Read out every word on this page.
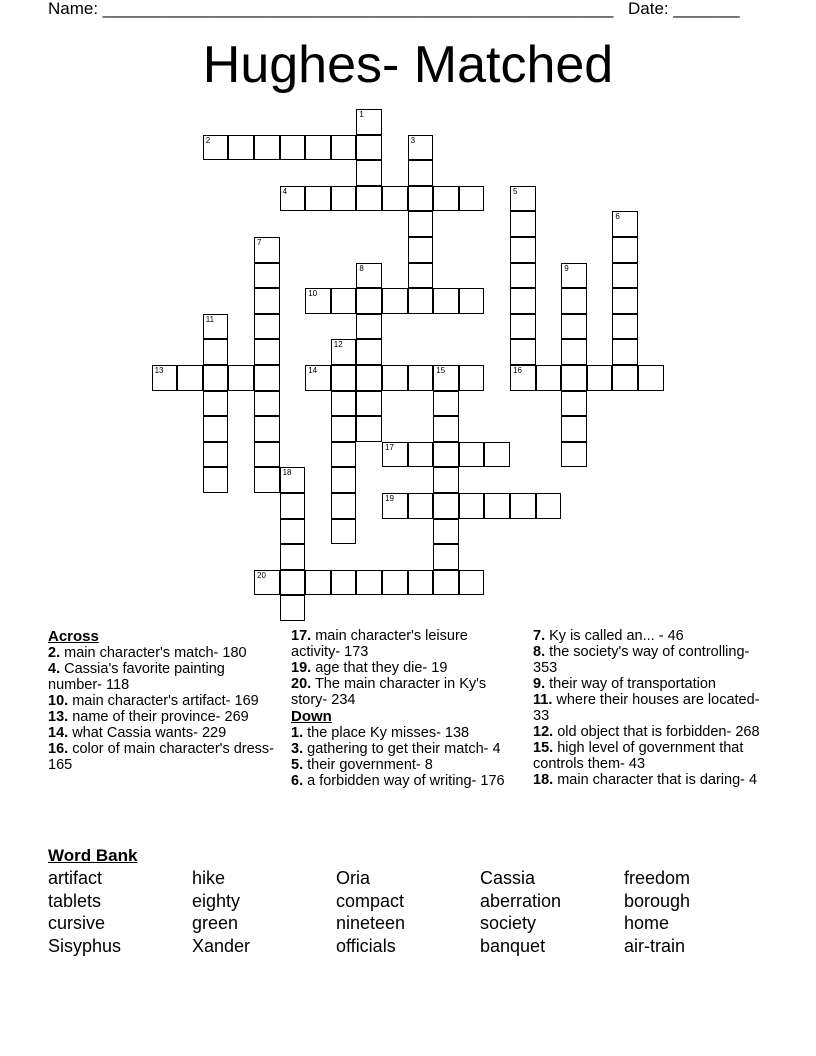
Name: ______________________________________________________ Date: _______
Hughes- Matched
1
2	3
4	5
6
7
8	9
10
11
12
13	14	15	16
17
18
19
20
Across

2. main character's match- 180

4. Cassia's favorite painting number- 118

10. main character's artifact- 169

13. name of their province- 269

14. what Cassia wants- 229

16. color of main character's dress- 165

17. main character's leisure activity- 173

19. age that they die- 19

20. The main character in Ky's story- 234

Down

1. the place Ky misses- 138

3. gathering to get their match- 4

5. their government- 8

6. a forbidden way of writing- 176

7. Ky is called an... - 46

8. the society's way of controlling- 353

9. their way of transportation

11. where their houses are located- 33

12. old object that is forbidden- 268

15. high level of government that controls them- 43

18. main character that is daring- 4

Word Bank
artifact	hike	Oria	Cassia	freedom
tablets	eighty	compact	aberration	borough
cursive	green	nineteen	society	home
Sisyphus	Xander	officials	banquet	air-train
